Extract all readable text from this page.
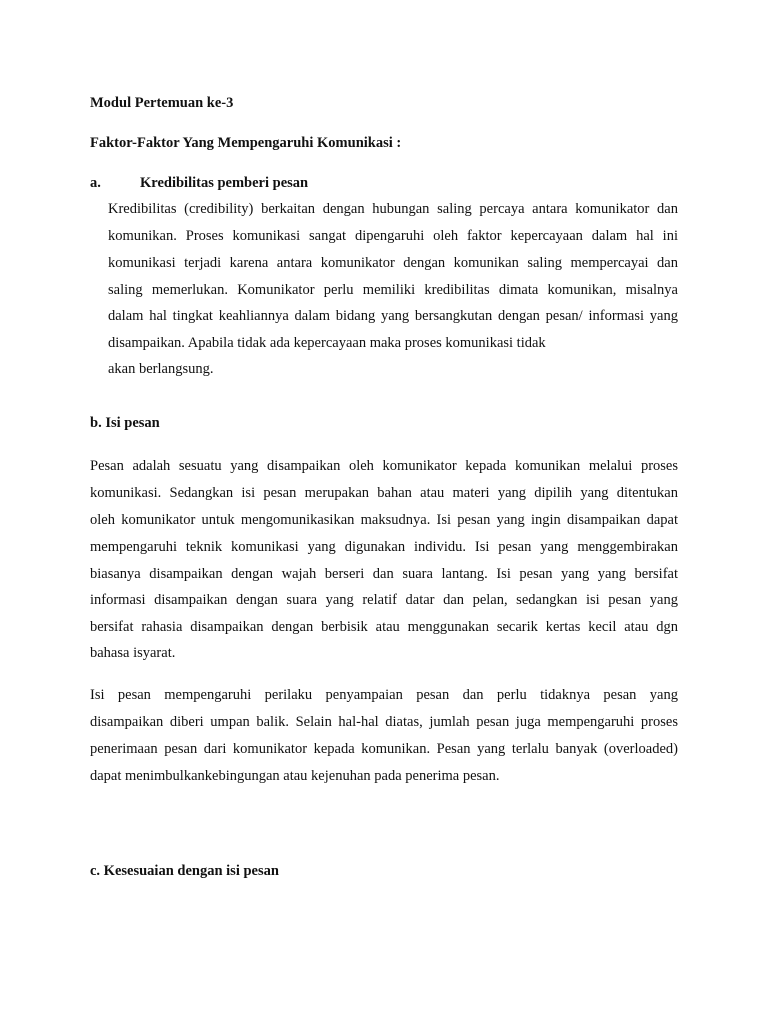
Modul Pertemuan ke-3

Faktor-Faktor Yang Mempengaruhi Komunikasi :

a.	Kredibilitas pemberi pesan

Kredibilitas (credibility) berkaitan dengan hubungan saling percaya antara komunikator dan

komunikan. Proses komunikasi sangat dipengaruhi oleh faktor kepercayaan dalam hal ini

komunikasi terjadi karena antara komunikator dengan komunikan saling mempercayai dan

saling memerlukan. Komunikator perlu memiliki kredibilitas dimata komunikan, misalnya

dalam hal tingkat keahliannya dalam bidang yang bersangkutan dengan pesan/ informasi yang

disampaikan. Apabila tidak ada kepercayaan maka proses komunikasi tidak

akan berlangsung.

b. Isi pesan

Pesan adalah sesuatu yang disampaikan oleh komunikator kepada komunikan melalui proses

komunikasi. Sedangkan isi pesan merupakan bahan atau materi yang dipilih yang ditentukan

oleh komunikator untuk mengomunikasikan maksudnya. Isi pesan yang ingin disampaikan dapat

mempengaruhi teknik komunikasi yang digunakan individu. Isi pesan yang menggembirakan

biasanya disampaikan dengan wajah berseri dan suara lantang. Isi pesan yang yang bersifat

informasi disampaikan dengan suara yang relatif datar dan pelan, sedangkan isi pesan yang

bersifat rahasia disampaikan dengan berbisik atau menggunakan secarik kertas kecil atau dgn

bahasa isyarat.

Isi pesan mempengaruhi perilaku penyampaian pesan dan perlu tidaknya pesan yang

disampaikan diberi umpan balik. Selain hal-hal diatas, jumlah pesan juga mempengaruhi proses

penerimaan pesan dari komunikator kepada komunikan. Pesan yang terlalu banyak (overloaded)

dapat menimbulkankebingungan atau kejenuhan pada penerima pesan.

c. Kesesuaian dengan isi pesan
